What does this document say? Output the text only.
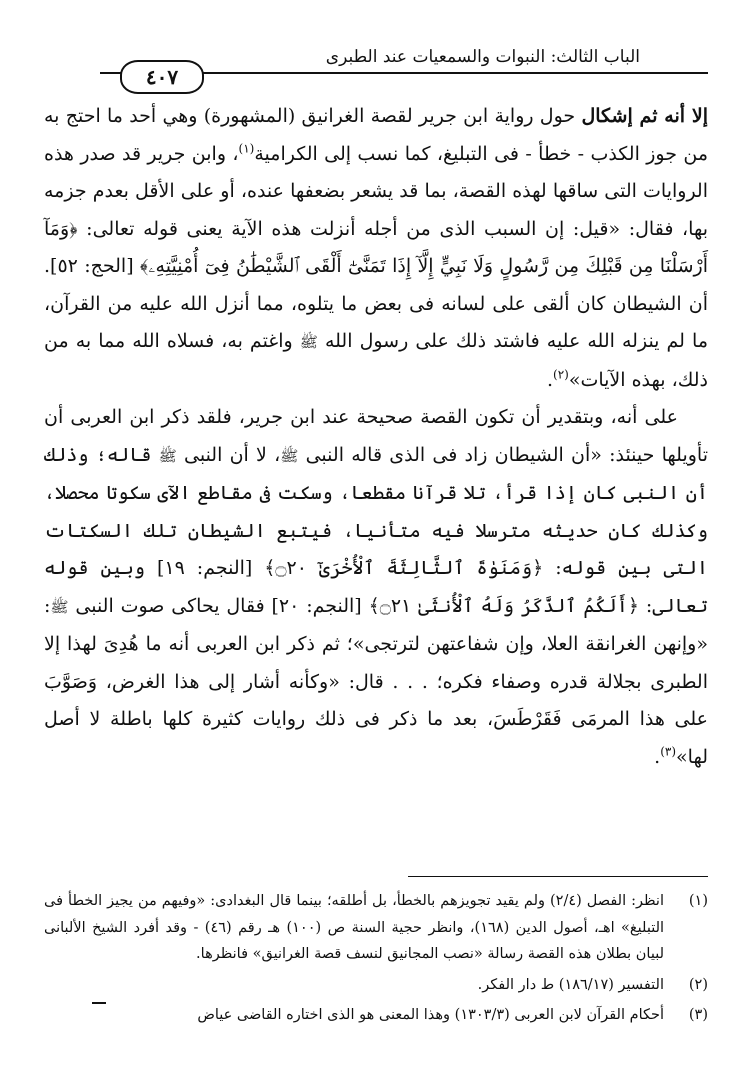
الباب الثالث: النبوات والسمعيات عند الطبرى
٤٠٧

إلا أنه ثم إشكال حول رواية ابن جرير لقصة الغرانيق (المشهورة) وهي أحد ما احتج به من جوز الكذب - خطأ - فى التبليغ، كما نسب إلى الكرامية$^{(١)}$، وابن جرير قد صدر هذه الروايات التى ساقها لهذه القصة، بما قد يشعر بضعفها عنده، أو على الأقل بعدم جزمه بها، فقال: «قيل: إن السبب الذى من أجله أنزلت هذه الآية يعنى قوله تعالى: ﴿وَمَآ أَرْسَلْنَا مِن قَبْلِكَ مِن رَّسُولٍ وَلَا نَبِيٍّ إِلَّآ إِذَا تَمَنَّىٰٓ أَلْقَى ٱلشَّيْطَٰنُ فِىٓ أُمْنِيَّتِهِۦ﴾ [الحج: ٥٢]. أن الشيطان كان ألقى على لسانه فى بعض ما يتلوه، مما أنزل الله عليه من القرآن، ما لم ينزله الله عليه فاشتد ذلك على رسول الله ﷺ واغتم به، فسلاه الله مما به من ذلك، بهذه الآيات»$^{(٢)}$.

على أنه، وبتقدير أن تكون القصة صحيحة عند ابن جرير، فلقد ذكر ابن العربى أن تأويلها حينئذ: «أن الشيطان زاد فى الذى قاله النبى ﷺ، لا أن النبى ﷺ قاله؛ وذلك أن النبى كان إذا قرأ، تلا قرآنا مقطعا، وسكت فى مقاطع الآى سكوتا محصلا، وكذلك كان حديثه مترسلا فيه متأنيا، فيتبع الشيطان تلك السكتات التى بين قوله: ﴿وَمَنَوٰةَ ٱلثَّالِثَةَ ٱلْأُخْرَىٰٓ ۝٢٠﴾ [النجم: ١٩] وبين قوله تعالى: ﴿أَلَكُمُ ٱلذَّكَرُ وَلَهُ ٱلْأُنثَىٰ ۝٢١﴾ [النجم: ٢٠] فقال يحاكى صوت النبى ﷺ: «وإنهن الغرانقة العلا، وإن شفاعتهن لترتجى»؛ ثم ذكر ابن العربى أنه ما هُدِىَ لهذا إلا الطبرى بجلالة قدره وصفاء فكره؛ . . . قال: «وكأنه أشار إلى هذا الغرض، وَصَوَّبَ على هذا المرمَى فَقَرْطَسَ، بعد ما ذكر فى ذلك روايات كثيرة كلها باطلة لا أصل لها»$^{(٣)}$.

(١)
انظر: الفصل (٢/٤) ولم يقيد تجويزهم بالخطأ، بل أطلقه؛ بينما قال البغدادى: «وفيهم من يجيز الخطأ فى التبليغ» اهـ، أصول الدين (١٦٨)، وانظر حجية السنة ص (١٠٠) هـ رقم (٤٦) - وقد أفرد الشيخ الألبانى لبيان بطلان هذه القصة رسالة «نصب المجانيق لنسف قصة الغرانيق» فانظرها.
(٢)
التفسير (١٨٦/١٧) ط دار الفكر.
(٣)
أحكام القرآن لابن العربى (١٣٠٣/٣) وهذا المعنى هو الذى اختاره القاضى عياض
